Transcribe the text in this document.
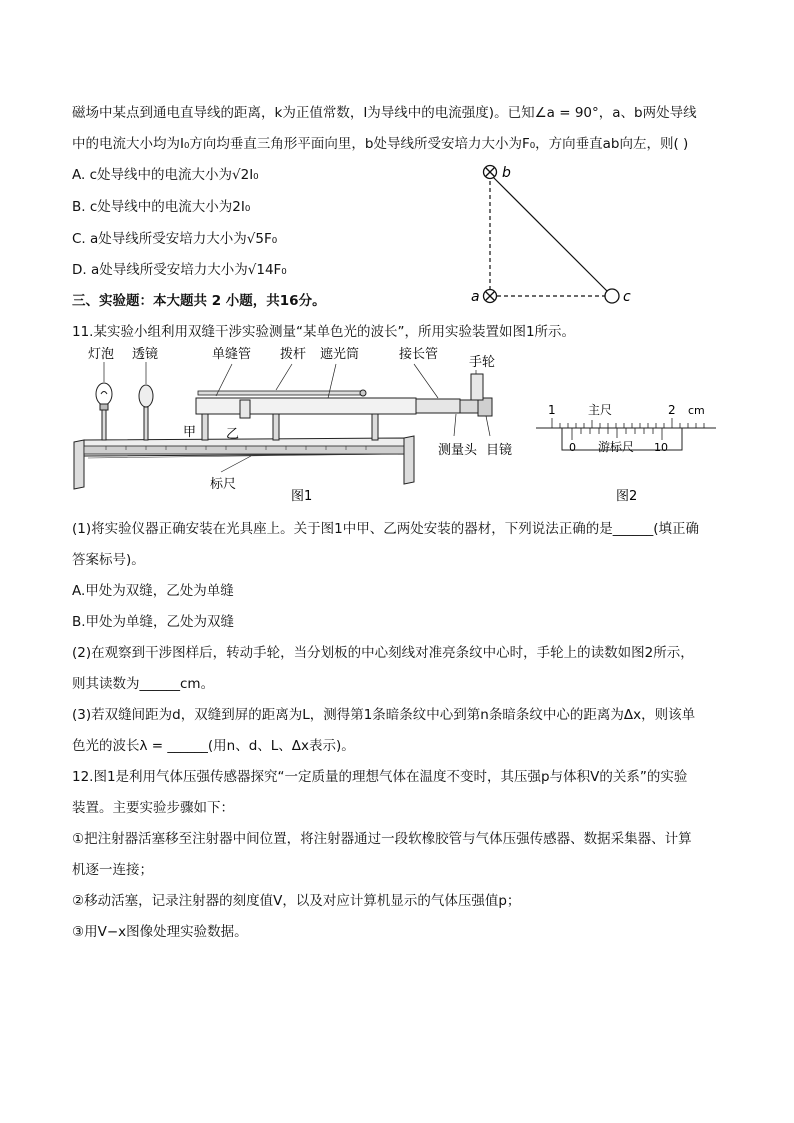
磁场中某点到通电直导线的距离，k为正值常数，I为导线中的电流强度)。已知∠a = 90°，a、b两处导线
中的电流大小均为I₀方向均垂直三角形平面向里，b处导线所受安培力大小为F₀，方向垂直ab向左，则( )
A. c处导线中的电流大小为√2I₀
B. c处导线中的电流大小为2I₀
C. a处导线所受安培力大小为√5F₀
D. a处导线所受安培力大小为√14F₀
b
a	c
三、实验题：本大题共 2 小题，共16分。
11.某实验小组利用双缝干涉实验测量“某单色光的波长”，所用实验装置如图1所示。
灯泡 透镜	单缝管 拨杆 遮光筒	接长管
手轮
甲 乙
测量头 目镜
标尺
图1
1	主尺	2 cm
0 游标尺 10
图2
(1)将实验仪器正确安装在光具座上。关于图1中甲、乙两处安装的器材，下列说法正确的是______(填正确
答案标号)。
A.甲处为双缝，乙处为单缝
B.甲处为单缝，乙处为双缝
(2)在观察到干涉图样后，转动手轮，当分划板的中心刻线对准亮条纹中心时，手轮上的读数如图2所示，
则其读数为______cm。
(3)若双缝间距为d，双缝到屏的距离为L，测得第1条暗条纹中心到第n条暗条纹中心的距离为Δx，则该单
色光的波长λ = ______(用n、d、L、Δx表示)。
12.图1是利用气体压强传感器探究“一定质量的理想气体在温度不变时，其压强p与体积V的关系”的实验
装置。主要实验步骤如下：
①把注射器活塞移至注射器中间位置，将注射器通过一段软橡胶管与气体压强传感器、数据采集器、计算
机逐一连接；
②移动活塞，记录注射器的刻度值V，以及对应计算机显示的气体压强值p；
③用V−x图像处理实验数据。
